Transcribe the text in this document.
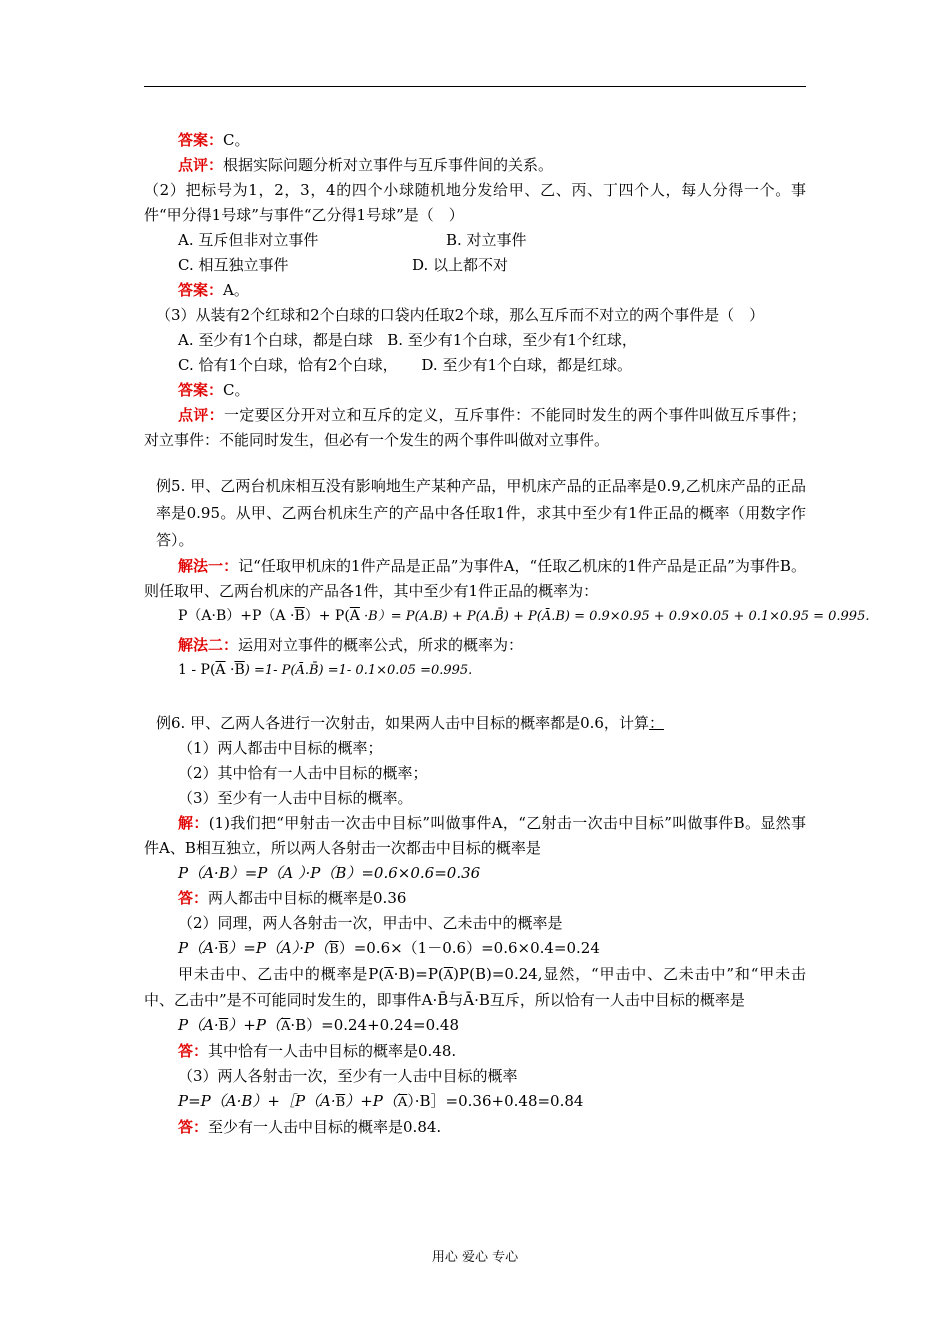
答案：C。
点评：根据实际问题分析对立事件与互斥事件间的关系。
（2）把标号为1，2，3，4的四个小球随机地分发给甲、乙、丙、丁四个人，每人分得一个。事件“甲分得1号球”与事件“乙分得1号球”是（　）
A. 互斥但非对立事件	B. 对立事件
C. 相互独立事件	D. 以上都不对
答案：A。
（3）从装有2个红球和2个白球的口袋内任取2个球，那么互斥而不对立的两个事件是（　）
A. 至少有1个白球，都是白球 B. 至少有1个白球，至少有1个红球，
C. 恰有1个白球，恰有2个白球， D. 至少有1个白球，都是红球。
答案：C。
点评：一定要区分开对立和互斥的定义，互斥事件：不能同时发生的两个事件叫做互斥事件；对立事件：不能同时发生，但必有一个发生的两个事件叫做对立事件。
例5. 甲、乙两台机床相互没有影响地生产某种产品，甲机床产品的正品率是0.9,乙机床产品的正品率是0.95。从甲、乙两台机床生产的产品中各任取1件，求其中至少有1件正品的概率（用数字作答）。
解法一：记“任取甲机床的1件产品是正品”为事件A，“任取乙机床的1件产品是正品”为事件B。则任取甲、乙两台机床的产品各1件，其中至少有1件正品的概率为：
$P(A\cdot B)+P(A \cdot\overline{B})+ P(\overline{A} \cdot B)= P(A.B)$ + P(A.B̄) + P(Ā.B) = 0.9×0.95 + 0.9×0.05 + 0.1×0.95 = 0.995.
解法二：运用对立事件的概率公式，所求的概率为：
$1 - P(\overline{A} \cdot\overline{B}) =1-$ P(Ā.B̄) =1- 0.1×0.05 =0.995.
例6. 甲、乙两人各进行一次射击，如果两人击中目标的概率都是0.6，计算：
（1）两人都击中目标的概率；
（2）其中恰有一人击中目标的概率；
（3）至少有一人击中目标的概率。
解：(1)我们把“甲射击一次击中目标”叫做事件A，“乙射击一次击中目标”叫做事件B。显然事件A、B相互独立，所以两人各射击一次都击中目标的概率是
P（A·B）=P（A ）·P（B）=0.6×0.6=0.36
答：两人都击中目标的概率是0.36
（2）同理，两人各射击一次，甲击中、乙未击中的概率是
$P(A\cdot\overline{B})=P(A)\cdot P(\overline{B})=0.6\times(1-0.6)=0.6\times 0.4=0.24$
甲未击中、乙击中的概率是$P(\overline{A}\cdot B)=P(\overline{A})P(B)=0.24$,显然，“甲击中、乙未击中”和“甲未击中、乙击中”是不可能同时发生的，即事件A·B̄与Ā·B互斥，所以恰有一人击中目标的概率是
$P(A\cdot\overline{B})+P(\overline{A}\cdot B)=0.24+0.24=0.48$
答：其中恰有一人击中目标的概率是0.48.
（3）两人各射击一次，至少有一人击中目标的概率
$P=P(A\cdot B)+[P(A\cdot\overline{B})+P(\overline{A})\cdot B]=0.36+0.48=0.84$
答：至少有一人击中目标的概率是0.84.
用心 爱心 专心
